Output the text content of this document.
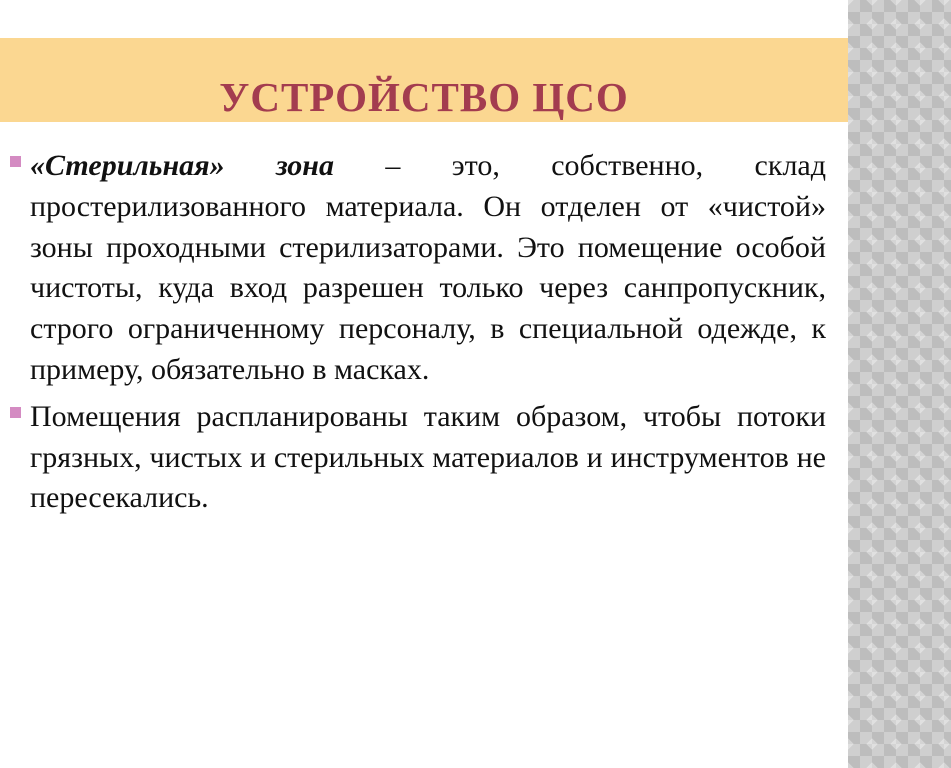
УСТРОЙСТВО ЦСО

«Стерильная» зона – это, собственно, склад простерилизованного материала. Он отделен от «чистой» зоны проходными стерилизаторами. Это помещение особой чистоты, куда вход разрешен только через санпропускник, строго ограниченному персоналу, в специальной одежде, к примеру, обязательно в масках.

Помещения распланированы таким образом, чтобы потоки грязных, чистых и стерильных материалов и инструментов не пересекались.
